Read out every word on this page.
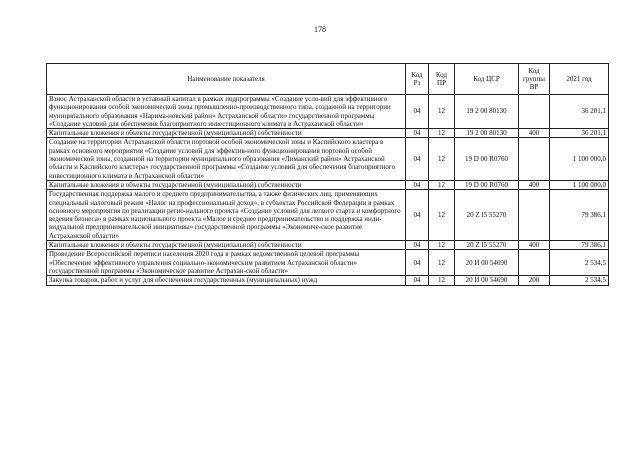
178
Наименование показателя	Код Рз	Код ПР	Код ЦСР	Код группы ВР	2021 год
Взнос Астраханской области в уставный капитал в рамках подпрограммы «Создание усло-вий для эффективного функционирования особой экономической зоны промышленно-производственного типа, созданной на территории муниципального образования «Нарима-новский район» Астраханской области» государственной программы «Создание условий для обеспечения благоприятного инвестиционного климата в Астраханской области»	04	12	19 2 00 80130		36 201,1
Капитальные вложения в объекты государственной (муниципальной) собственности	04	12	19 2 00 80130	400	36 201,1
Создание на территории Астраханской области портовой особой экономической зоны и Каспийского кластера в рамках основного мероприятия «Создание условий для эффектив-ного функционирования портовой особой экономической зоны, созданной на территории муниципального образования «Лиманский район» Астраханской области и Каспийского кластера» государственной программы «Создание условий для обеспечения благоприятного инвестиционного климата в Астраханской области»	04	12	19 D 00 R0760		1 100 000,0
Капитальные вложения в объекты государственной (муниципальной) собственности	04	12	19 D 00 R0760	400	1 100 000,0
Государственная поддержка малого и среднего предпринимательства, а также физических лиц, применяющих специальный налоговый режим «Налог на профессиональный доход», в субъектах Российской Федерации в рамках основного мероприятия по реализации регио-нального проекта «Создание условий для легкого старта и комфортного ведения бизнеса» в рамках национального проекта «Малое и среднее предпринимательство и поддержка инди-видуальной предпринимательской инициативы» государственной программы «Экономиче-ское развитие Астраханской области»	04	12	20 Z I5 55270		79 386,1
Капитальные вложения в объекты государственной (муниципальной) собственности	04	12	20 Z I5 55270	400	79 386,1
Проведение Всероссийской переписи населения 2020 года в рамках ведомственной целевой программы «Обеспечение эффективного управления социально-экономическим развитием Астраханской области» государственной программы «Экономическое развитие Астрахан-ской области»	04	12	20 И 00 54690		2 534,5
Закупка товаров, работ и услуг для обеспечения государственных (муниципальных) нужд	04	12	20 И 00 54690	200	2 534,5
